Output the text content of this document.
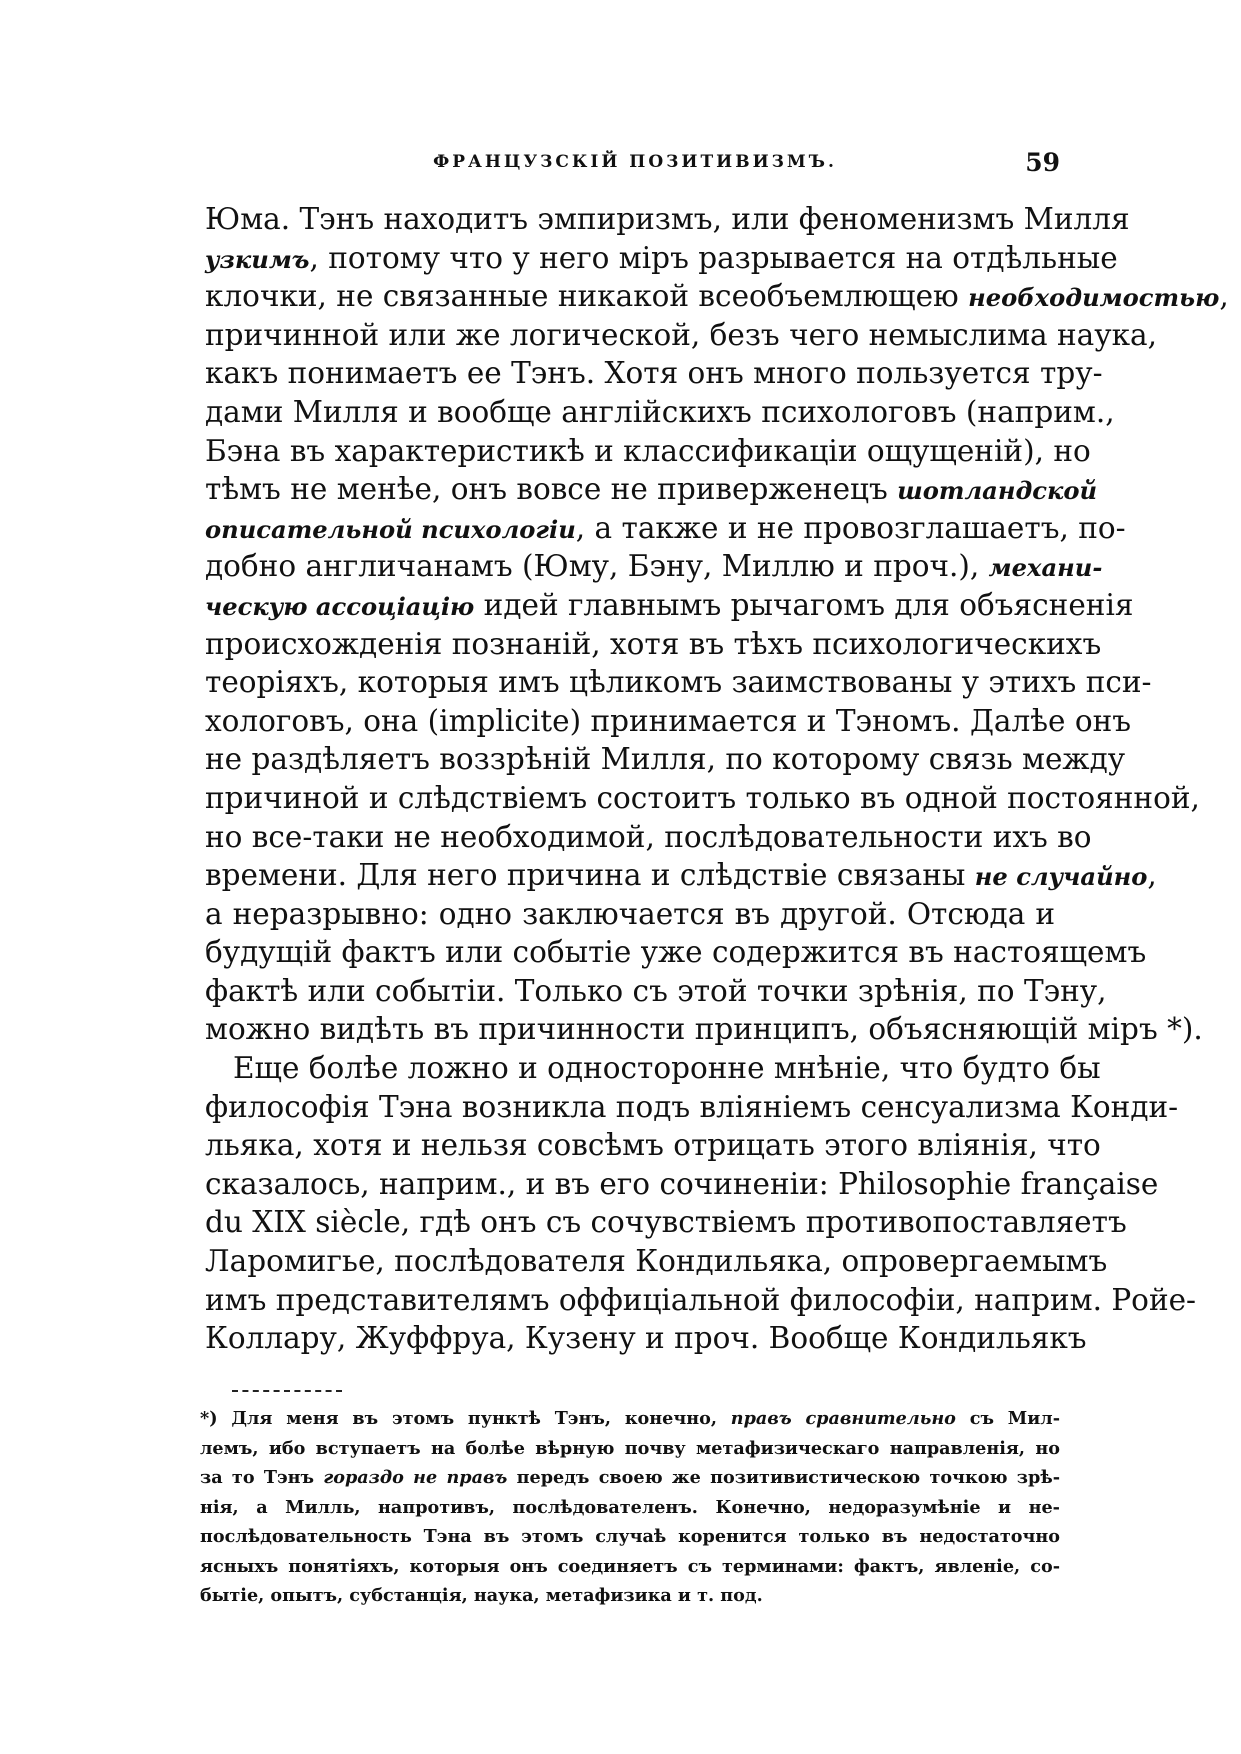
ФРАНЦУЗСКІЙ ПОЗИТИВИЗМЪ.	59
Юма. Тэнъ находитъ эмпиризмъ, или феноменизмъ Милля
узкимъ, потому что у него міръ разрывается на отдѣльные
клочки, не связанные никакой всеобъемлющею необходимостью,
причинной или же логической, безъ чего немыслима наука,
какъ понимаетъ ее Тэнъ. Хотя онъ много пользуется тру-
дами Милля и вообще англійскихъ психологовъ (наприм.,
Бэна въ характеристикѣ и классификаціи ощущеній), но
тѣмъ не менѣе, онъ вовсе не приверженецъ шотландской
описательной психологіи, а также и не провозглашаетъ, по-
добно англичанамъ (Юму, Бэну, Миллю и проч.), механи-
ческую ассоціацію идей главнымъ рычагомъ для объясненія
происхожденія познаній, хотя въ тѣхъ психологическихъ
теоріяхъ, которыя имъ цѣликомъ заимствованы у этихъ пси-
хологовъ, она (implicite) принимается и Тэномъ. Далѣе онъ
не раздѣляетъ воззрѣній Милля, по которому связь между
причиной и слѣдствіемъ состоитъ только въ одной постоянной,
но все-таки не необходимой, послѣдовательности ихъ во
времени. Для него причина и слѣдствіе связаны не случайно,
а неразрывно: одно заключается въ другой. Отсюда и
будущій фактъ или событіе уже содержится въ настоящемъ
фактѣ или событіи. Только съ этой точки зрѣнія, по Тэну,
можно видѣть въ причинности принципъ, объясняющій міръ *).
Еще болѣе ложно и односторонне мнѣніе, что будто бы
философія Тэна возникла подъ вліяніемъ сенсуализма Конди-
льяка, хотя и нельзя совсѣмъ отрицать этого вліянія, что
сказалось, наприм., и въ его сочиненіи: Philosophie française
du XIX siècle, гдѣ онъ съ сочувствіемъ противопоставляетъ
Ларомигье, послѣдователя Кондильяка, опровергаемымъ
имъ представителямъ оффиціальной философіи, наприм. Ройе-
Коллару, Жуффруа, Кузену и проч. Вообще Кондильякъ
*) Для меня въ этомъ пунктѣ Тэнъ, конечно, правъ сравнительно съ Мил-
лемъ, ибо вступаетъ на болѣе вѣрную почву метафизическаго направленія, но
за то Тэнъ гораздо не правъ передъ своею же позитивистическою точкою зрѣ-
нія, а Милль, напротивъ, послѣдователенъ. Конечно, недоразумѣніе и не-
послѣдовательность Тэна въ этомъ случаѣ коренится только въ недостаточно
ясныхъ понятіяхъ, которыя онъ соединяетъ съ терминами: фактъ, явленіе, со-
бытіе, опытъ, субстанція, наука, метафизика и т. под.
